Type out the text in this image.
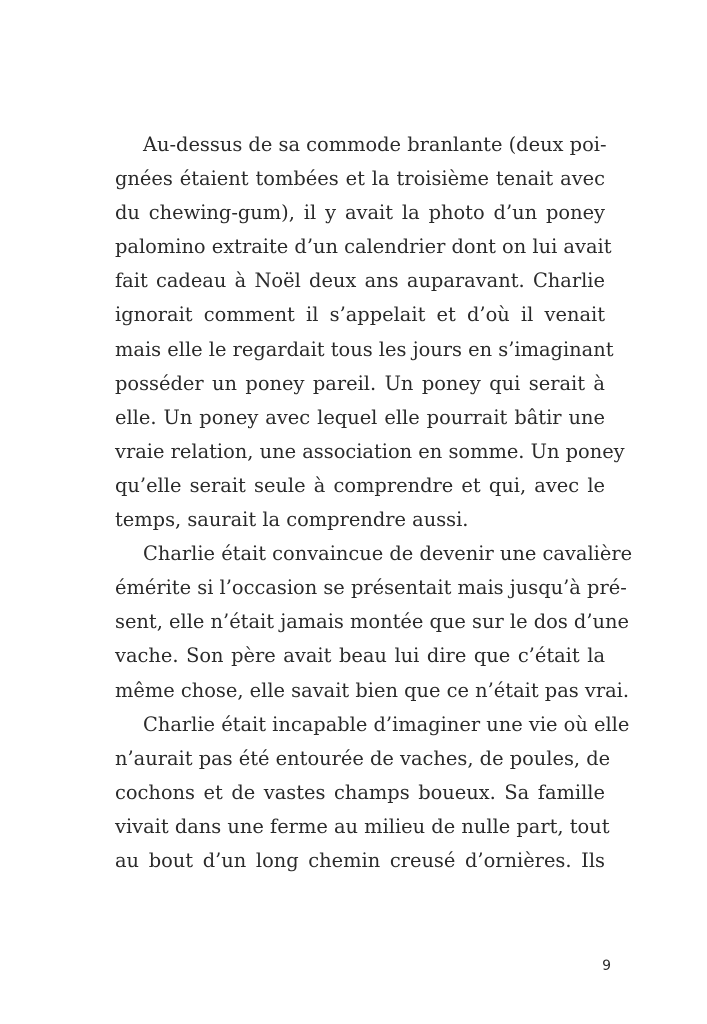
Au-dessus de sa commode branlante (deux poi-
gnées étaient tombées et la troisième tenait avec
du chewing-gum), il y avait la photo d’un poney
palomino extraite d’un calendrier dont on lui avait
fait cadeau à Noël deux ans auparavant. Charlie
ignorait comment il s’appelait et d’où il venait
mais elle le regardait tous les jours en s’imaginant
posséder un poney pareil. Un poney qui serait à
elle. Un poney avec lequel elle pourrait bâtir une
vraie relation, une association en somme. Un poney
qu’elle serait seule à comprendre et qui, avec le
temps, saurait la comprendre aussi.
Charlie était convaincue de devenir une cavalière
émérite si l’occasion se présentait mais jusqu’à pré-
sent, elle n’était jamais montée que sur le dos d’une
vache. Son père avait beau lui dire que c’était la
même chose, elle savait bien que ce n’était pas vrai.
Charlie était incapable d’imaginer une vie où elle
n’aurait pas été entourée de vaches, de poules, de
cochons et de vastes champs boueux. Sa famille
vivait dans une ferme au milieu de nulle part, tout
au bout d’un long chemin creusé d’ornières. Ils
9
